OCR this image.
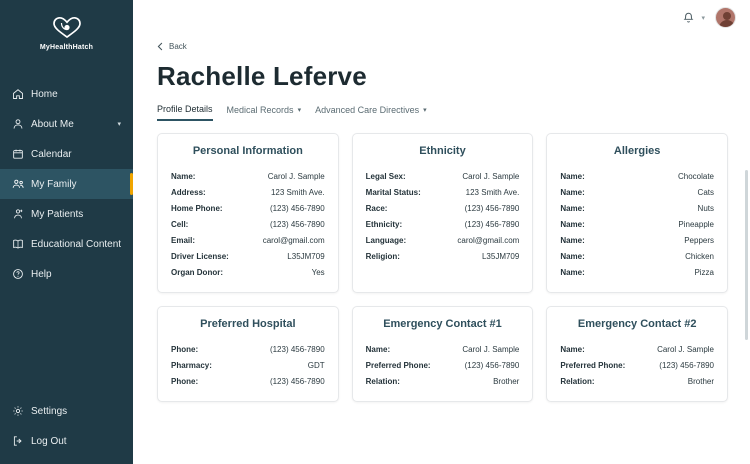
MyHealthHatch
Home
About Me	▾
Calendar
My Family
My Patients
Educational Content
Help
Settings
Log Out
▾
Back
Rachelle Leferve
Profile Details Medical Records ▾ Advanced Care Directives ▾
Personal Information
Name:	Carol J. Sample
Address:	123 Smith Ave.
Home Phone:	(123) 456-7890
Cell:	(123) 456-7890
Email:	carol@gmail.com
Driver License:	L35JM709
Organ Donor:	Yes
Ethnicity
Legal Sex:	Carol J. Sample
Marital Status:	123 Smith Ave.
Race:	(123) 456-7890
Ethnicity:	(123) 456-7890
Language:	carol@gmail.com
Religion:	L35JM709
Allergies
Name:	Chocolate
Name:	Cats
Name:	Nuts
Name:	Pineapple
Name:	Peppers
Name:	Chicken
Name:	Pizza
Preferred Hospital
Phone:	(123) 456-7890
Pharmacy:	GDT
Phone:	(123) 456-7890
Emergency Contact #1
Name:	Carol J. Sample
Preferred Phone:	(123) 456-7890
Relation:	Brother
Emergency Contact #2
Name:	Carol J. Sample
Preferred Phone:	(123) 456-7890
Relation:	Brother
